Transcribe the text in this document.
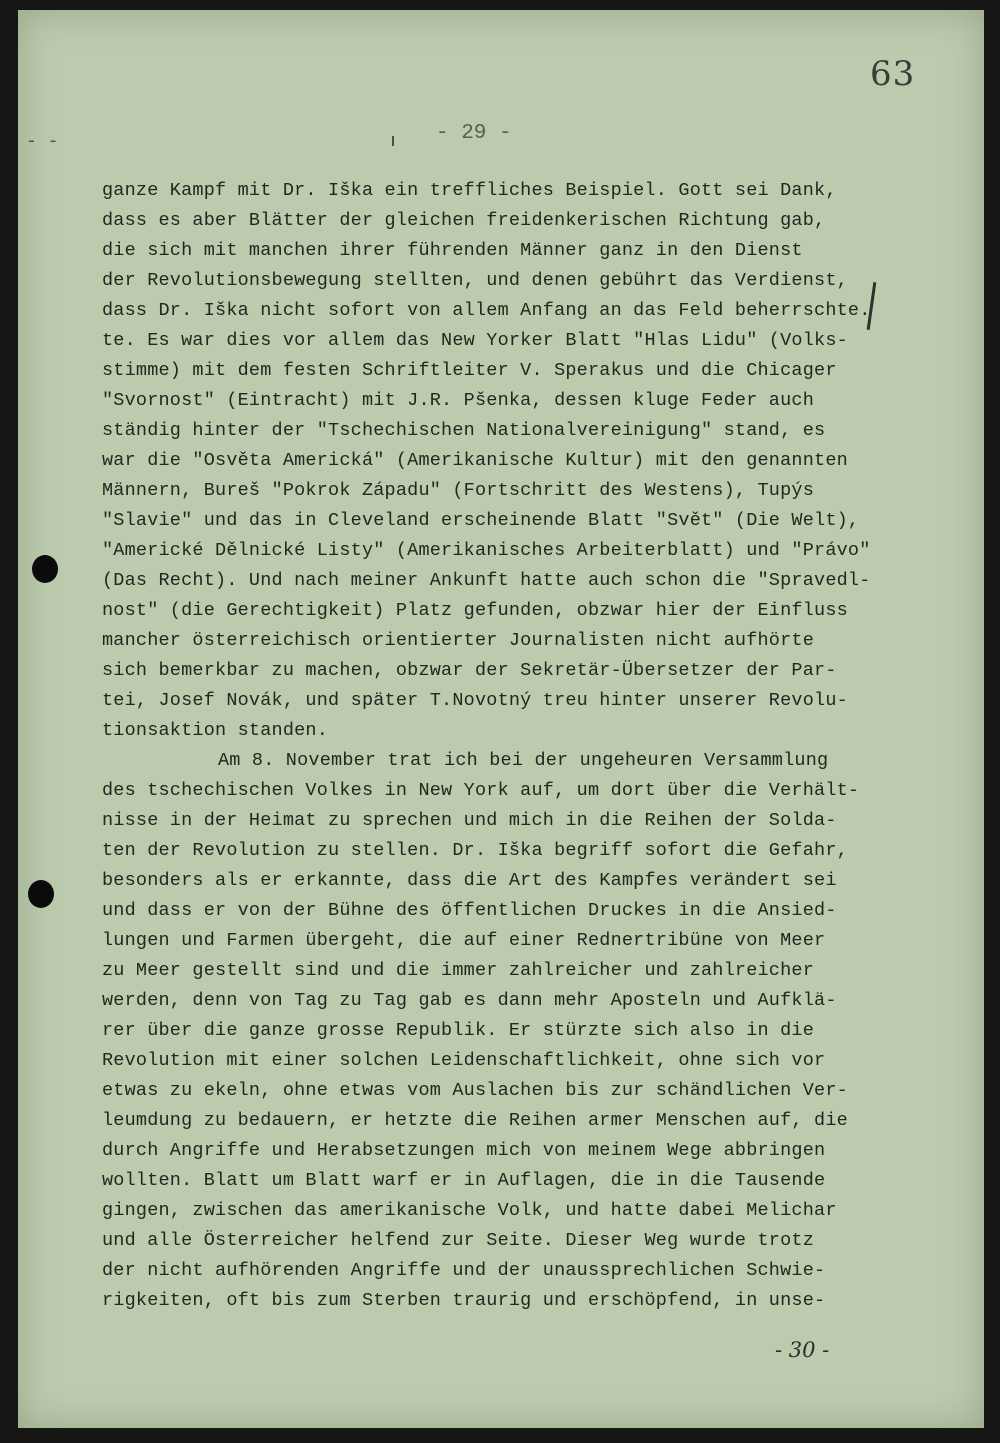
- -
63
- 29 -
ganze Kampf mit Dr. Iška ein treffliches Beispiel. Gott sei Dank,
dass es aber Blätter der gleichen freidenkerischen Richtung gab,
die sich mit manchen ihrer führenden Männer ganz in den Dienst
der Revolutionsbewegung stellten, und denen gebührt das Verdienst,
dass Dr. Iška nicht sofort von allem Anfang an das Feld beherrschte.
te. Es war dies vor allem das New Yorker Blatt "Hlas Lidu" (Volks-
stimme) mit dem festen Schriftleiter V. Sperakus und die Chicager
"Svornost" (Eintracht) mit J.R. Pšenka, dessen kluge Feder auch
ständig hinter der "Tschechischen Nationalvereinigung" stand, es
war die "Osvěta Americká" (Amerikanische Kultur) mit den genannten
Männern, Bureš "Pokrok Západu" (Fortschritt des Westens), Tupýs
"Slavie" und das in Cleveland erscheinende Blatt "Svět" (Die Welt),
"Americké Dělnické Listy" (Amerikanisches Arbeiterblatt) und "Právo"
(Das Recht). Und nach meiner Ankunft hatte auch schon die "Spravedl-
nost" (die Gerechtigkeit) Platz gefunden, obzwar hier der Einfluss
mancher österreichisch orientierter Journalisten nicht aufhörte
sich bemerkbar zu machen, obzwar der Sekretär-Übersetzer der Par-
tei, Josef Novák, und später T.Novotný treu hinter unserer Revolu-
tionsaktion standen.
Am 8. November trat ich bei der ungeheuren Versammlung
des tschechischen Volkes in New York auf, um dort über die Verhält-
nisse in der Heimat zu sprechen und mich in die Reihen der Solda-
ten der Revolution zu stellen. Dr. Iška begriff sofort die Gefahr,
besonders als er erkannte, dass die Art des Kampfes verändert sei
und dass er von der Bühne des öffentlichen Druckes in die Ansied-
lungen und Farmen übergeht, die auf einer Rednertribüne von Meer
zu Meer gestellt sind und die immer zahlreicher und zahlreicher
werden, denn von Tag zu Tag gab es dann mehr Aposteln und Aufklä-
rer über die ganze grosse Republik. Er stürzte sich also in die
Revolution mit einer solchen Leidenschaftlichkeit, ohne sich vor
etwas zu ekeln, ohne etwas vom Auslachen bis zur schändlichen Ver-
leumdung zu bedauern, er hetzte die Reihen armer Menschen auf, die
durch Angriffe und Herabsetzungen mich von meinem Wege abbringen
wollten. Blatt um Blatt warf er in Auflagen, die in die Tausende
gingen, zwischen das amerikanische Volk, und hatte dabei Melichar
und alle Österreicher helfend zur Seite. Dieser Weg wurde trotz
der nicht aufhörenden Angriffe und der unaussprechlichen Schwie-
rigkeiten, oft bis zum Sterben traurig und erschöpfend, in unse-
- 30 -
